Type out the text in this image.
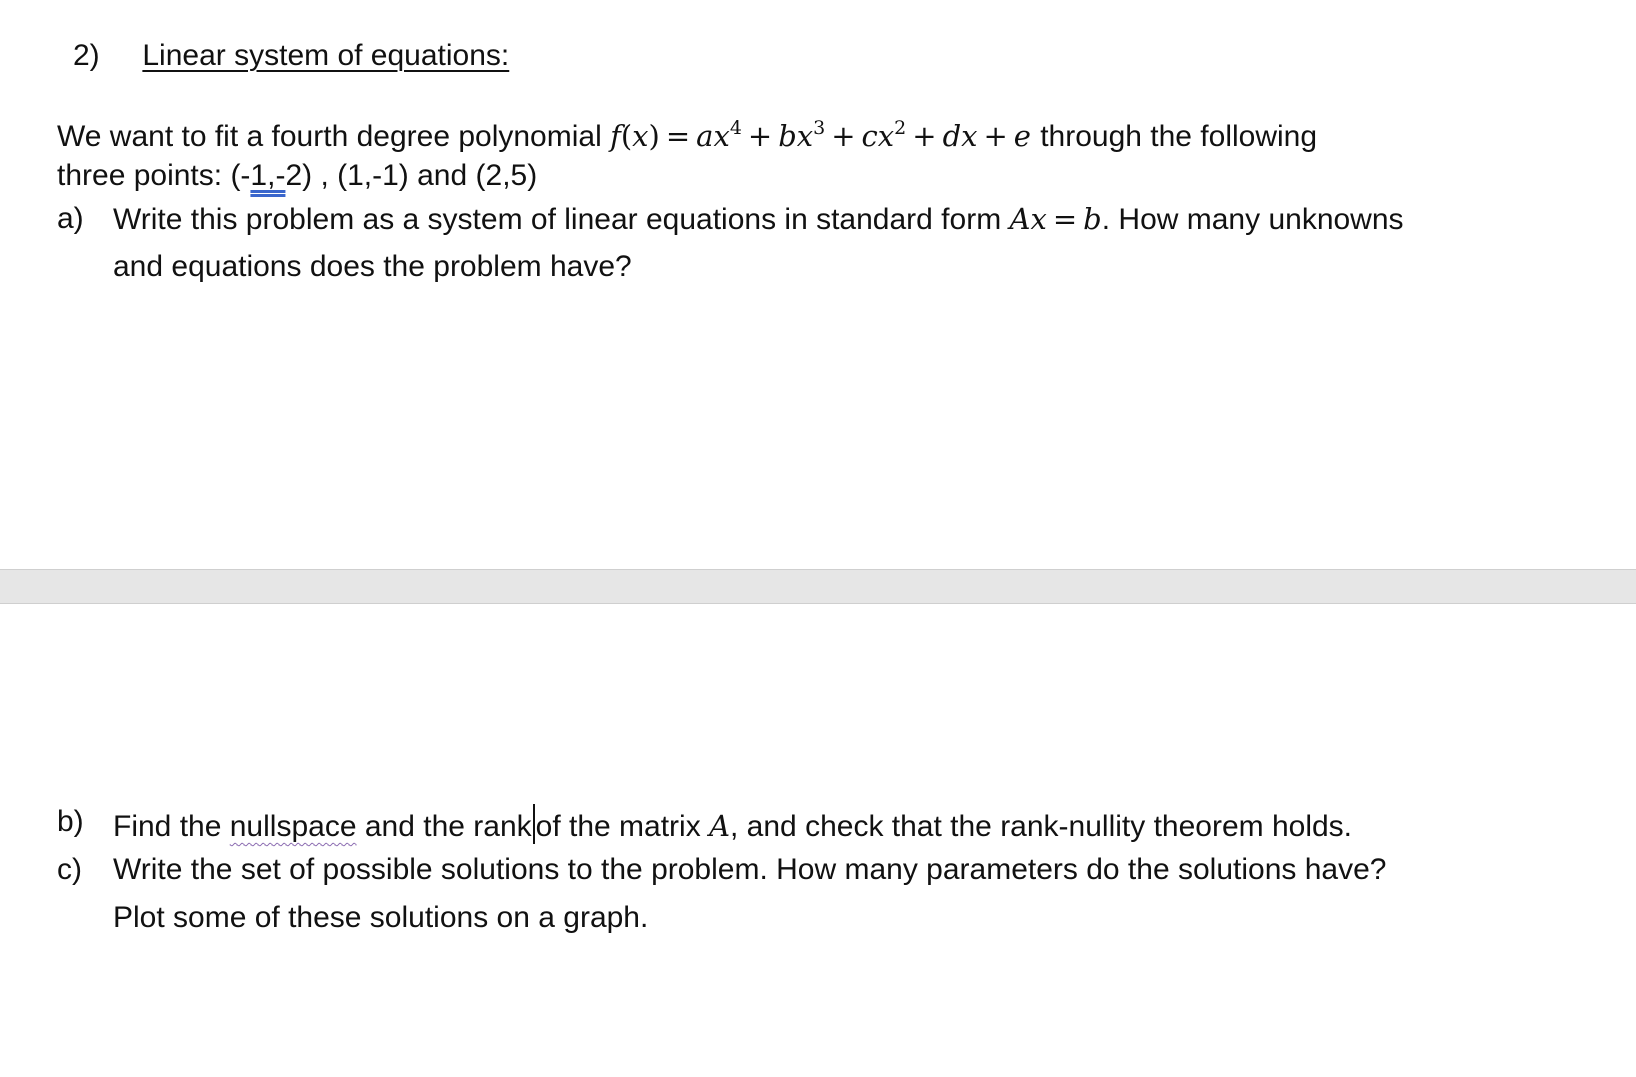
2) Linear system of equations:
We want to fit a fourth degree polynomial $f(x) = ax^4 + bx^3 + cx^2$ + dx + e through the following
three points: (-1,-2) , (1,-1) and (2,5)
a) Write this problem as a system of linear equations in standard form Ax = b. How many unknowns
and equations does the problem have?
b) Find the nullspace and the rank of the matrix A, and check that the rank-nullity theorem holds.
c) Write the set of possible solutions to the problem. How many parameters do the solutions have?
Plot some of these solutions on a graph.
